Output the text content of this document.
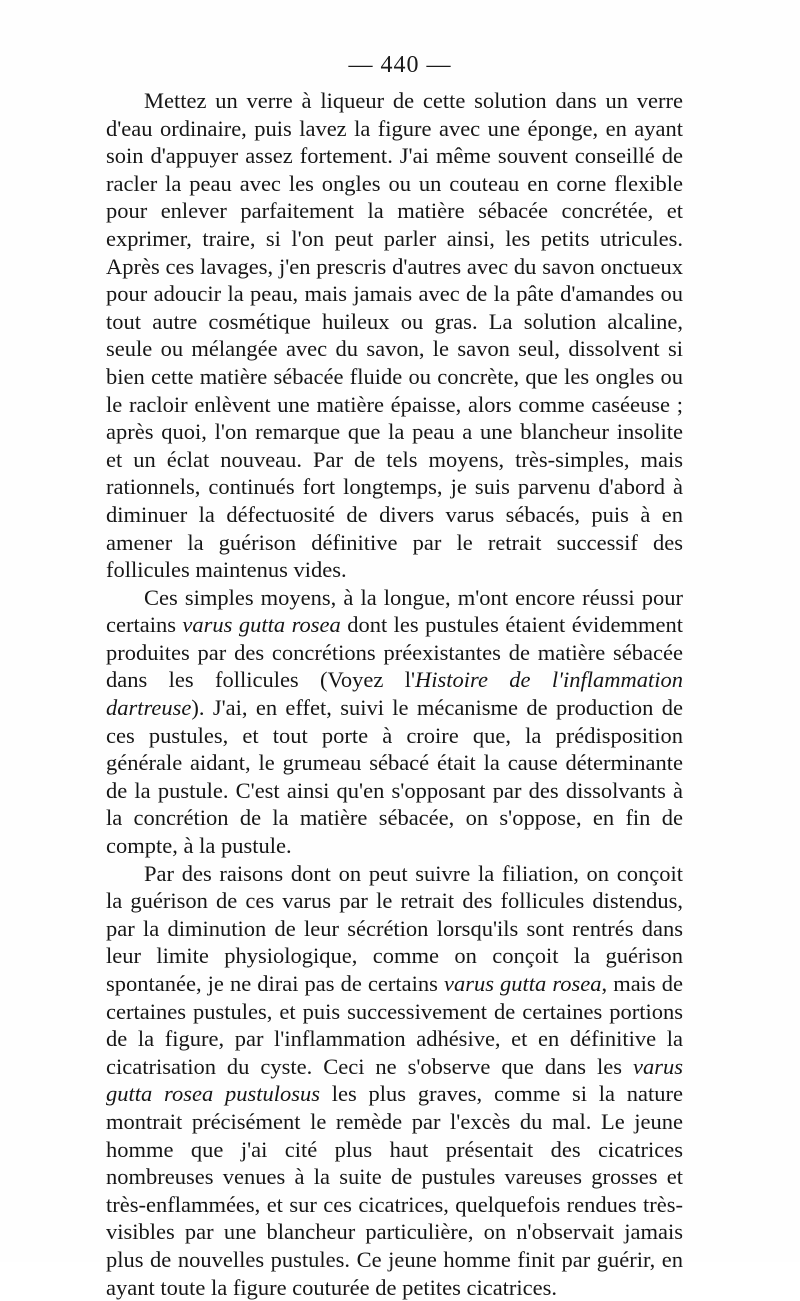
— 440 —

Mettez un verre à liqueur de cette solution dans un verre d'eau ordinaire, puis lavez la figure avec une éponge, en ayant soin d'appuyer assez fortement. J'ai même souvent conseillé de racler la peau avec les ongles ou un couteau en corne flexible pour enlever parfaitement la matière sébacée concrétée, et exprimer, traire, si l'on peut parler ainsi, les petits utricules. Après ces lavages, j'en prescris d'autres avec du savon onctueux pour adoucir la peau, mais jamais avec de la pâte d'amandes ou tout autre cosmétique huileux ou gras. La solution alcaline, seule ou mélangée avec du savon, le savon seul, dissolvent si bien cette matière sébacée fluide ou concrète, que les ongles ou le racloir enlèvent une matière épaisse, alors comme caséeuse ; après quoi, l'on remarque que la peau a une blancheur insolite et un éclat nouveau. Par de tels moyens, très-simples, mais rationnels, continués fort longtemps, je suis parvenu d'abord à diminuer la défectuosité de divers varus sébacés, puis à en amener la guérison définitive par le retrait successif des follicules maintenus vides.

Ces simples moyens, à la longue, m'ont encore réussi pour certains varus gutta rosea dont les pustules étaient évidemment produites par des concrétions préexistantes de matière sébacée dans les follicules (Voyez l'Histoire de l'inflammation dartreuse). J'ai, en effet, suivi le mécanisme de production de ces pustules, et tout porte à croire que, la prédisposition générale aidant, le grumeau sébacé était la cause déterminante de la pustule. C'est ainsi qu'en s'opposant par des dissolvants à la concrétion de la matière sébacée, on s'oppose, en fin de compte, à la pustule.

Par des raisons dont on peut suivre la filiation, on conçoit la guérison de ces varus par le retrait des follicules distendus, par la diminution de leur sécrétion lorsqu'ils sont rentrés dans leur limite physiologique, comme on conçoit la guérison spontanée, je ne dirai pas de certains varus gutta rosea, mais de certaines pustules, et puis successivement de certaines portions de la figure, par l'inflammation adhésive, et en définitive la cicatrisation du cyste. Ceci ne s'observe que dans les varus gutta rosea pustulosus les plus graves, comme si la nature montrait précisément le remède par l'excès du mal. Le jeune homme que j'ai cité plus haut présentait des cicatrices nombreuses venues à la suite de pustules vareuses grosses et très-enflammées, et sur ces cicatrices, quelquefois rendues très-visibles par une blancheur particulière, on n'observait jamais plus de nouvelles pustules. Ce jeune homme finit par guérir, en ayant toute la figure couturée de petites cicatrices.
